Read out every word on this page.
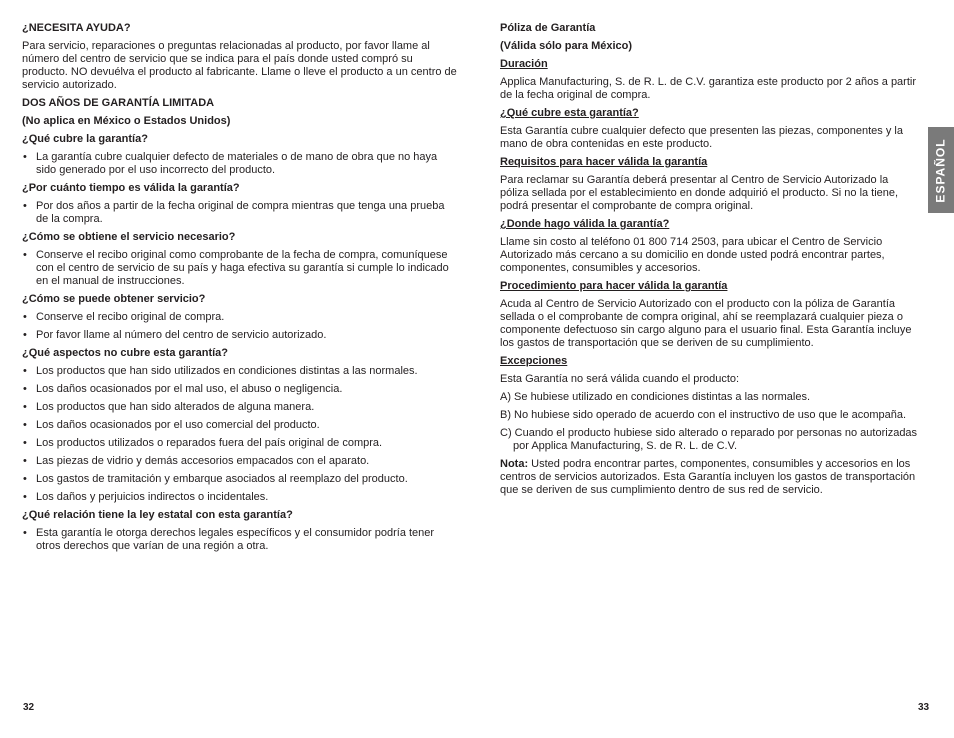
¿NECESITA AYUDA?
Para servicio, reparaciones o preguntas relacionadas al producto, por favor llame al número del centro de servicio que se indica para el país donde usted compró su producto. NO devuélva el producto al fabricante. Llame o lleve el producto a un centro de servicio autorizado.
DOS AÑOS DE GARANTÍA LIMITADA
(No aplica en México o Estados Unidos)
¿Qué cubre la garantía?
• La garantía cubre cualquier defecto de materiales o de mano de obra que no haya sido generado por el uso incorrecto del producto.
¿Por cuánto tiempo es válida la garantía?
• Por dos años a partir de la fecha original de compra mientras que tenga una prueba de la compra.
¿Cómo se obtiene el servicio necesario?
• Conserve el recibo original como comprobante de la fecha de compra, comuníquese con el centro de servicio de su país y haga efectiva su garantía si cumple lo indicado en el manual de instrucciones.
¿Cómo se puede obtener servicio?
• Conserve el recibo original de compra.
• Por favor llame al número del centro de servicio autorizado.
¿Qué aspectos no cubre esta garantía?
• Los productos que han sido utilizados en condiciones distintas a las normales.
• Los daños ocasionados por el mal uso, el abuso o negligencia.
• Los productos que han sido alterados de alguna manera.
• Los daños ocasionados por el uso comercial del producto.
• Los productos utilizados o reparados fuera del país original de compra.
• Las piezas de vidrio y demás accesorios empacados con el aparato.
• Los gastos de tramitación y embarque asociados al reemplazo del producto.
• Los daños y perjuicios indirectos o incidentales.
¿Qué relación tiene la ley estatal con esta garantía?
• Esta garantía le otorga derechos legales específicos y el consumidor podría tener otros derechos que varían de una región a otra.
Póliza de Garantía
(Válida sólo para México)
Duración
Applica Manufacturing, S. de R. L. de C.V. garantiza este producto por 2 años a partir de la fecha original de compra.
¿Qué cubre esta garantía?
Esta Garantía cubre cualquier defecto que presenten las piezas, componentes y la mano de obra contenidas en este producto.
Requisitos para hacer válida la garantía
Para reclamar su Garantía deberá presentar al Centro de Servicio Autorizado la póliza sellada por el establecimiento en donde adquirió el producto. Si no la tiene, podrá presentar el comprobante de compra original.
¿Donde hago válida la garantía?
Llame sin costo al teléfono 01 800 714 2503, para ubicar el Centro de Servicio Autorizado más cercano a su domicilio en donde usted podrá encontrar partes, componentes, consumibles y accesorios.
Procedimiento para hacer válida la garantía
Acuda al Centro de Servicio Autorizado con el producto con la póliza de Garantía sellada o el comprobante de compra original, ahí se reemplazará cualquier pieza o componente defectuoso sin cargo alguno para el usuario final. Esta Garantía incluye los gastos de transportación que se deriven de su cumplimiento.
Excepciones
Esta Garantía no será válida cuando el producto:
A) Se hubiese utilizado en condiciones distintas a las normales.
B) No hubiese sido operado de acuerdo con el instructivo de uso que le acompaña.
C) Cuando el producto hubiese sido alterado o reparado por personas no autorizadas por Applica Manufacturing, S. de R. L. de C.V.
Nota: Usted podra encontrar partes, componentes, consumibles y accesorios en los centros de servicios autorizados. Esta Garantía incluyen los gastos de transportación que se deriven de sus cumplimiento dentro de sus red de servicio.
ESPAÑOL
32	33
